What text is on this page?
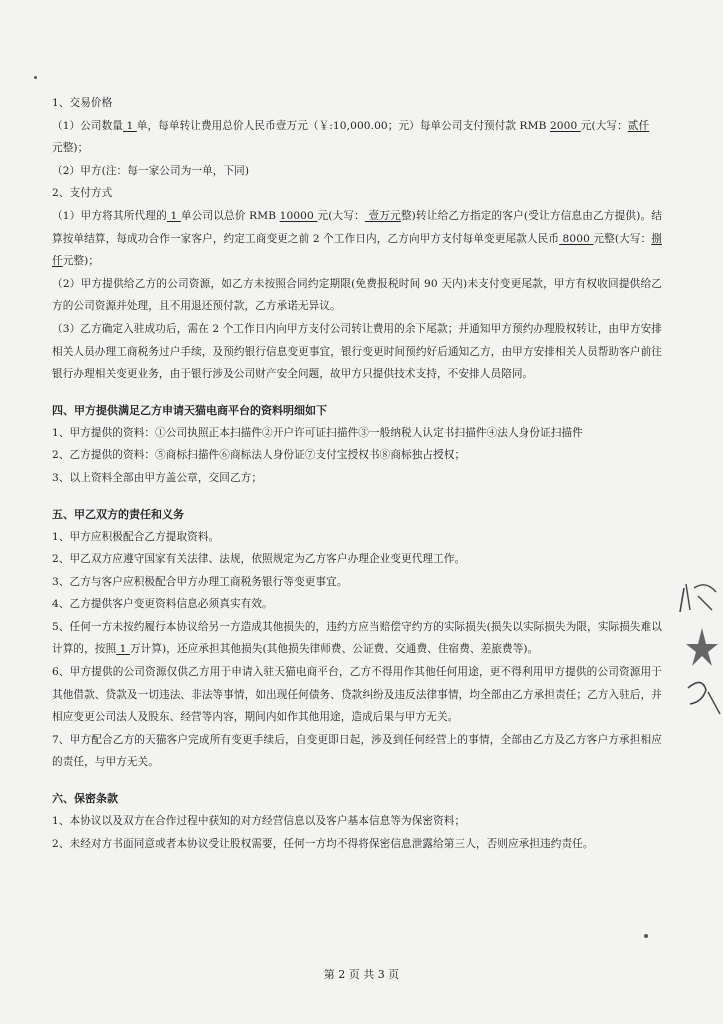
1、交易价格

（1）公司数量 1 单，每单转让费用总价人民币壹万元（￥:10,000.00；元）每单公司支付预付款 RMB 2000 元(大写：贰仟

元整)；

（2）甲方(注：每一家公司为一单，下同)

2、支付方式

（1）甲方将其所代理的 1 单公司以总价 RMB 10000 元(大写： 壹万元整)转让给乙方指定的客户(受让方信息由乙方提供)。结算按单结算，每成功合作一家客户，约定工商变更之前 2 个工作日内，乙方向甲方支付每单变更尾款人民币 8000 元整(大写：捌仟元整)；

（2）甲方提供给乙方的公司资源，如乙方未按照合同约定期限(免费报税时间 90 天内)未支付变更尾款，甲方有权收回提供给乙方的公司资源并处理，且不用退还预付款，乙方承诺无异议。

（3）乙方确定入驻成功后，需在 2 个工作日内向甲方支付公司转让费用的余下尾款；并通知甲方预约办理股权转让，由甲方安排相关人员办理工商税务过户手续，及预约银行信息变更事宜，银行变更时间预约好后通知乙方，由甲方安排相关人员帮助客户前往银行办理相关变更业务，由于银行涉及公司财产安全问题，故甲方只提供技术支持，不安排人员陪同。

四、甲方提供满足乙方申请天猫电商平台的资料明细如下

1、甲方提供的资料：①公司执照正本扫描件②开户许可证扫描件③一般纳税人认定书扫描件④法人身份证扫描件

2、乙方提供的资料：⑤商标扫描件⑥商标法人身份证⑦支付宝授权书⑧商标独占授权；

3、以上资料全部由甲方盖公章，交回乙方；

五、甲乙双方的责任和义务

1、甲方应积极配合乙方提取资料。

2、甲乙双方应遵守国家有关法律、法规，依照规定为乙方客户办理企业变更代理工作。

3、乙方与客户应积极配合甲方办理工商税务银行等变更事宜。

4、乙方提供客户变更资料信息必须真实有效。

5、任何一方未按约履行本协议给另一方造成其他损失的，违约方应当赔偿守约方的实际损失(损失以实际损失为限，实际损失难以计算的，按照 1 万计算)，还应承担其他损失(其他损失律师费、公证费、交通费、住宿费、差旅费等)。

6、甲方提供的公司资源仅供乙方用于申请入驻天猫电商平台，乙方不得用作其他任何用途，更不得利用甲方提供的公司资源用于其他借款、贷款及一切违法、非法等事情，如出现任何债务、贷款纠纷及违反法律事情，均全部由乙方承担责任；乙方入驻后，并相应变更公司法人及股东、经营等内容，期间内如作其他用途，造成后果与甲方无关。

7、甲方配合乙方的天猫客户完成所有变更手续后，自变更即日起，涉及到任何经营上的事情，全部由乙方及乙方客户方承担相应的责任，与甲方无关。

六、保密条款

1、本协议以及双方在合作过程中获知的对方经营信息以及客户基本信息等为保密资料；

2、未经对方书面同意或者本协议受让股权需要，任何一方均不得将保密信息泄露给第三人，否则应承担违约责任。

第 2 页 共 3 页
